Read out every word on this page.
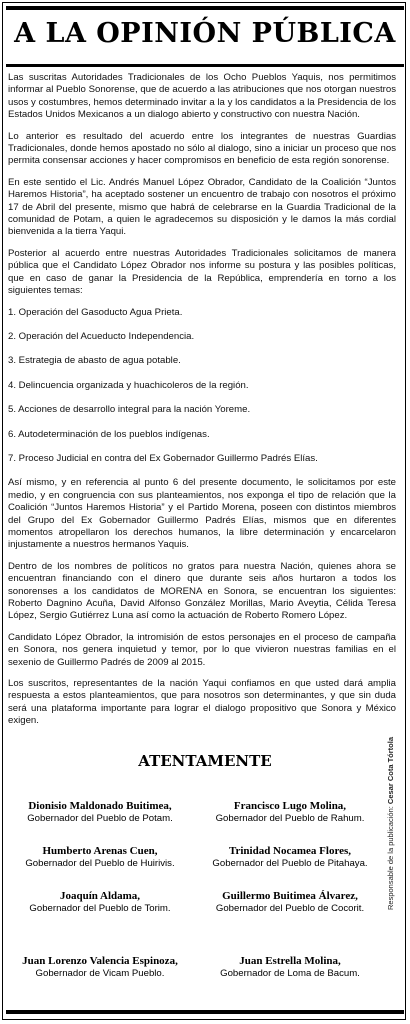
A LA OPINIÓN PÚBLICA

Las suscritas Autoridades Tradicionales de los Ocho Pueblos Yaquis, nos permitimos informar al Pueblo Sonorense, que de acuerdo a las atribuciones que nos otorgan nuestros usos y costumbres, hemos determinado invitar a la y los candidatos a la Presidencia de los Estados Unidos Mexicanos a un dialogo abierto y constructivo con nuestra Nación.

Lo anterior es resultado del acuerdo entre los integrantes de nuestras Guardias Tradicionales, donde hemos apostado no sólo al dialogo, sino a iniciar un proceso que nos permita consensar acciones y hacer compromisos en beneficio de esta región sonorense.

En este sentido el Lic. Andrés Manuel López Obrador, Candidato de la Coalición “Juntos Haremos Historia”, ha aceptado sostener un encuentro de trabajo con nosotros el próximo 17 de Abril del presente, mismo que habrá de celebrarse en la Guardia Tradicional de la comunidad de Potam, a quien le agradecemos su disposición y le damos la más cordial bienvenida a la tierra Yaqui.

Posterior al acuerdo entre nuestras Autoridades Tradicionales solicitamos de manera pública que el Candidato López Obrador nos informe su postura y las posibles políticas, que en caso de ganar la Presidencia de la República, emprendería en torno a los siguientes temas:

1. Operación del Gasoducto Agua Prieta.
2. Operación del Acueducto Independencia.
3. Estrategia de abasto de agua potable.
4. Delincuencia organizada y huachicoleros de la región.
5. Acciones de desarrollo integral para la nación Yoreme.
6. Autodeterminación de los pueblos indígenas.
7. Proceso Judicial en contra del Ex Gobernador Guillermo Padrés Elías.

Así mismo, y en referencia al punto 6 del presente documento, le solicitamos por este medio, y en congruencia con sus planteamientos, nos exponga el tipo de relación que la Coalición “Juntos Haremos Historia” y el Partido Morena, poseen con distintos miembros del Grupo del Ex Gobernador Guillermo Padrés Elías, mismos que en diferentes momentos atropellaron los derechos humanos, la libre determinación y encarcelaron injustamente a nuestros hermanos Yaquis.

Dentro de los nombres de políticos no gratos para nuestra Nación, quienes ahora se encuentran financiando con el dinero que durante seis años hurtaron a todos los sonorenses a los candidatos de MORENA en Sonora, se encuentran los siguientes: Roberto Dagnino Acuña, David Alfonso González Morillas, Mario Aveytia, Célida Teresa López, Sergio Gutiérrez Luna así como la actuación de Roberto Romero López.

Candidato López Obrador, la intromisión de estos personajes en el proceso de campaña en Sonora, nos genera inquietud y temor, por lo que vivieron nuestras familias en el sexenio de Guillermo Padrés de 2009 al 2015.

Los suscritos, representantes de la nación Yaqui confiamos en que usted dará amplia respuesta a estos planteamientos, que para nosotros son determinantes, y que sin duda será una plataforma importante para lograr el dialogo propositivo que Sonora y México exigen.

ATENTAMENTE
Dionisio Maldonado Buitimea,
Gobernador del Pueblo de Potam.
Francisco Lugo Molina,
Gobernador del Pueblo de Rahum.
Humberto Arenas Cuen,
Gobernador del Pueblo de Huirivis.
Trinidad Nocamea Flores,
Gobernador del Pueblo de Pitahaya.
Joaquín Aldama,
Gobernador del Pueblo de Torim.
Guillermo Buitimea Álvarez,
Gobernador del Pueblo de Cocorit.
Juan Lorenzo Valencia Espinoza,
Gobernador de Vicam Pueblo.
Juan Estrella Molina,
Gobernador de Loma de Bacum.
Responsable de la publicación: Cesar Cota Tórtola
